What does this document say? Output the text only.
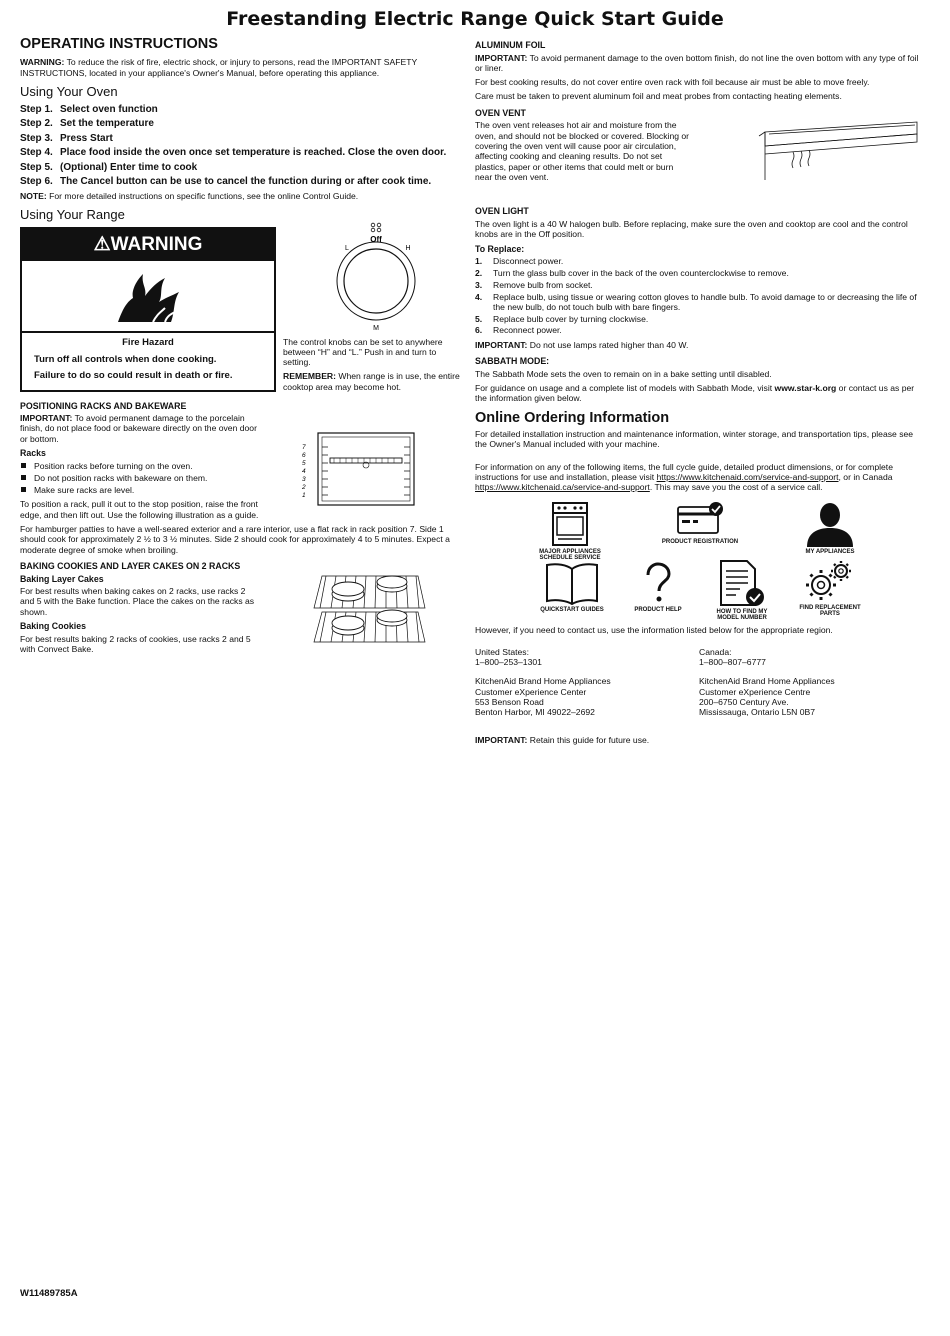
Freestanding Electric Range Quick Start Guide
OPERATING INSTRUCTIONS

WARNING: To reduce the risk of fire, electric shock, or injury to persons, read the IMPORTANT SAFETY INSTRUCTIONS, located in your appliance's Owner's Manual, before operating this appliance.

Using Your Oven
Step 1. Select oven function
Step 2. Set the temperature
Step 3. Press Start
Step 4. Place food inside the oven once set temperature is reached. Close the oven door.
Step 5. (Optional) Enter time to cook
Step 6. The Cancel button can be use to cancel the function during or after cook time.

NOTE: For more detailed instructions on specific functions, see the online Control Guide.

Using Your Range
⚠WARNING
Fire Hazard
Turn off all controls when done cooking.
Failure to do so could result in death or fire.
Off
L	H
M

The control knobs can be set to anywhere between “H” and “L.” Push in and turn to setting.

REMEMBER: When range is in use, the entire cooktop area may become hot.

POSITIONING RACKS AND BAKEWARE

IMPORTANT: To avoid permanent damage to the porcelain finish, do not place food or bakeware directly on the oven door or bottom.

Racks
Position racks before turning on the oven.
Do not position racks with bakeware on them.
Make sure racks are level.

To position a rack, pull it out to the stop position, raise the front edge, and then lift out. Use the following illustration as a guide.

7
6
5
4
3
2
1

For hamburger patties to have a well-seared exterior and a rare interior, use a flat rack in rack position 7. Side 1 should cook for approximately 2 ½ to 3 ½ minutes. Side 2 should cook for approximately 4 to 5 minutes. Expect a moderate degree of smoke when broiling.

BAKING COOKIES AND LAYER CAKES ON 2 RACKS
Baking Layer Cakes

For best results when baking cakes on 2 racks, use racks 2 and 5 with the Bake function. Place the cakes on the racks as shown.

Baking Cookies

For best results baking 2 racks of cookies, use racks 2 and 5 with Convect Bake.

ALUMINUM FOIL

IMPORTANT: To avoid permanent damage to the oven bottom finish, do not line the oven bottom with any type of foil or liner.

For best cooking results, do not cover entire oven rack with foil because air must be able to move freely.

Care must be taken to prevent aluminum foil and meat probes from contacting heating elements.

OVEN VENT

The oven vent releases hot air and moisture from the oven, and should not be blocked or covered. Blocking or covering the oven vent will cause poor air circulation, affecting cooking and cleaning results. Do not set plastics, paper or other items that could melt or burn near the oven vent.

OVEN LIGHT

The oven light is a 40 W halogen bulb. Before replacing, make sure the oven and cooktop are cool and the control knobs are in the Off position.

To Replace:
1. Disconnect power.
2. Turn the glass bulb cover in the back of the oven counterclockwise to remove.
3. Remove bulb from socket.
4. Replace bulb, using tissue or wearing cotton gloves to handle bulb. To avoid damage to or decreasing the life of the new bulb, do not touch bulb with bare fingers.
5. Replace bulb cover by turning clockwise.
6. Reconnect power.

IMPORTANT: Do not use lamps rated higher than 40 W.

SABBATH MODE:

The Sabbath Mode sets the oven to remain on in a bake setting until disabled.

For guidance on usage and a complete list of models with Sabbath Mode, visit www.star-k.org or contact us as per the information given below.

Online Ordering Information

For detailed installation instruction and maintenance information, winter storage, and transportation tips, please see the Owner's Manual included with your machine.

For information on any of the following items, the full cycle guide, detailed product dimensions, or for complete instructions for use and installation, please visit https://www.kitchenaid.com/service-and-support, or in Canada https://www.kitchenaid.ca/service-and-support. This may save you the cost of a service call.

MAJOR APPLIANCES SCHEDULE SERVICE
PRODUCT REGISTRATION
MY APPLIANCES
QUICKSTART GUIDES	PRODUCT HELP	HOW TO FIND MY MODEL NUMBER
FIND REPLACEMENT PARTS

However, if you need to contact us, use the information listed below for the appropriate region.

United States:
1–800–253–1301
KitchenAid Brand Home Appliances
Customer eXperience Center
553 Benson Road
Benton Harbor, MI 49022–2692
Canada:
1–800–807–6777
KitchenAid Brand Home Appliances
Customer eXperience Centre
200–6750 Century Ave.
Mississauga, Ontario L5N 0B7

IMPORTANT: Retain this guide for future use.

W11489785A
